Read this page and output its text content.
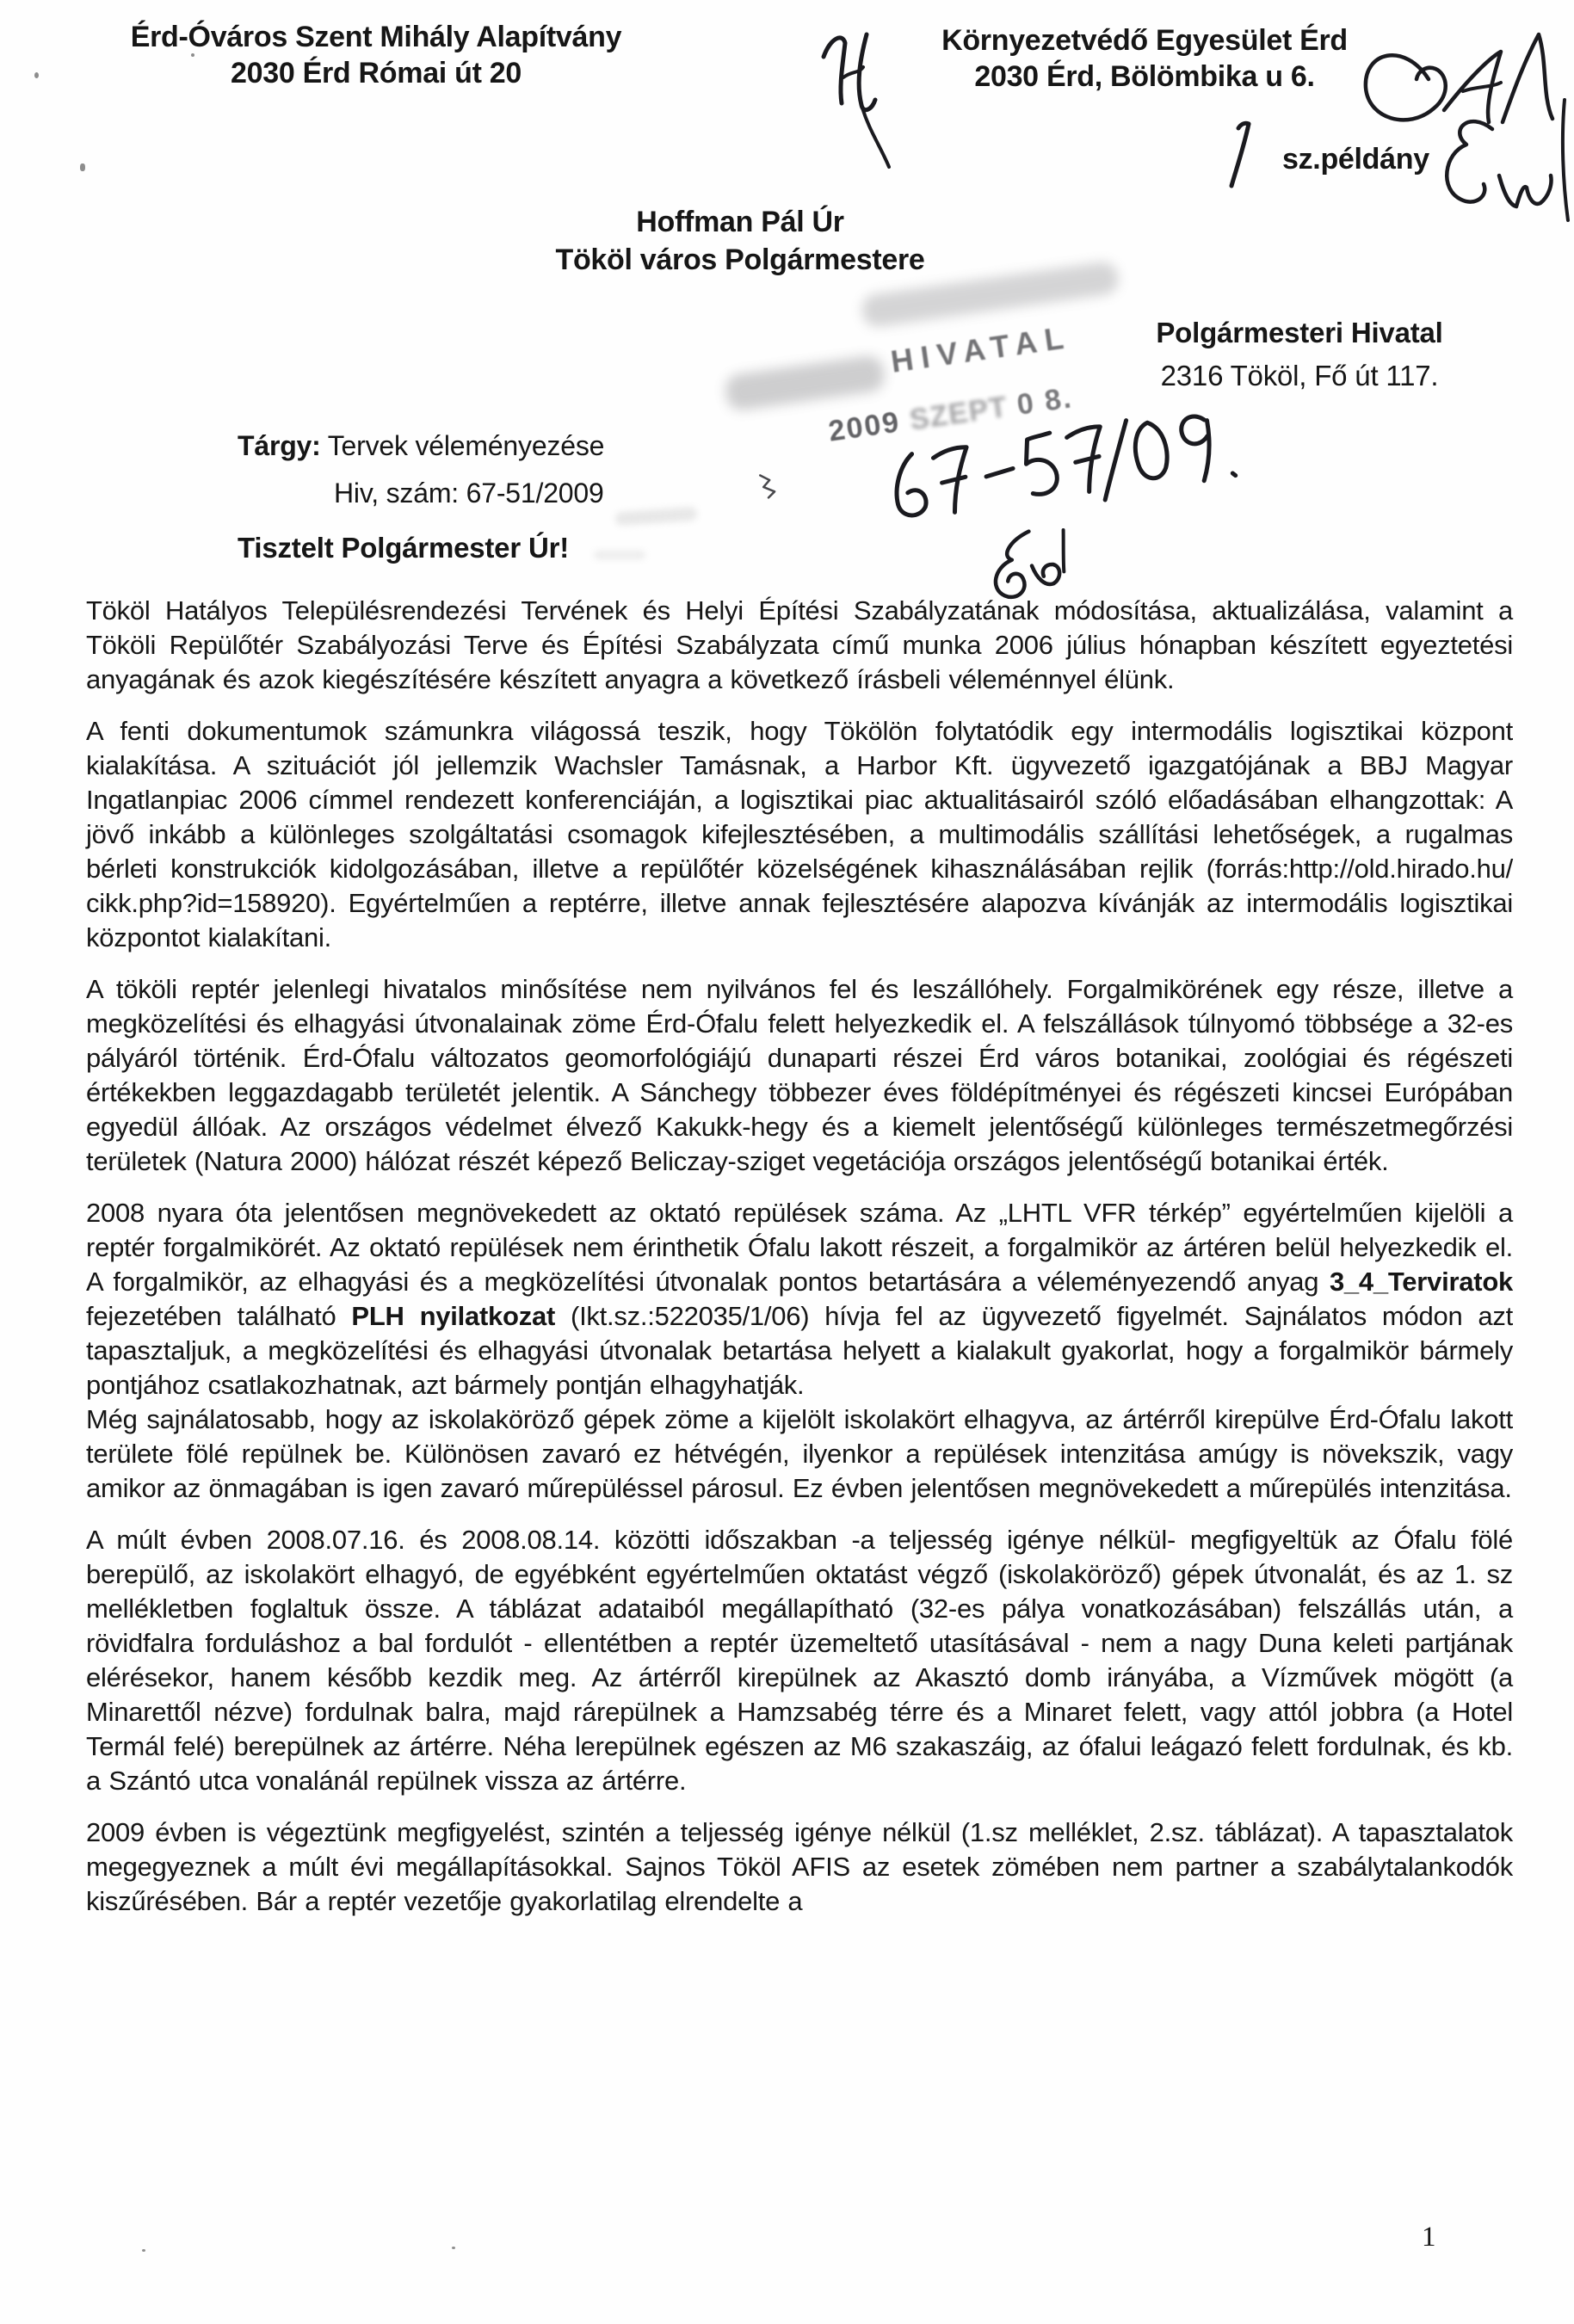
Érd-Óváros Szent Mihály Alapítvány
2030 Érd Római út 20
Környezetvédő Egyesület Érd
2030 Érd, Bölömbika u 6.
sz.példány
Hoffman Pál Úr
Tököl város Polgármestere
Polgármesteri Hivatal
2316 Tököl, Fő út 117.
HIVATAL
2009 SZEPT 0 8.
Tárgy: Tervek véleményezése
Hiv, szám: 67-51/2009
Tisztelt Polgármester Úr!

Tököl Hatályos Településrendezési Tervének és Helyi Építési Szabályzatának módosítása, aktualizálása, valamint a Tököli Repülőtér Szabályozási Terve és Építési Szabályzata című munka 2006 július hónapban készített egyeztetési anyagának és azok kiegészítésére készített anyagra a következő írásbeli véleménnyel élünk.

A fenti dokumentumok számunkra világossá teszik, hogy Tökölön folytatódik egy intermodális logisztikai központ kialakítása. A szituációt jól jellemzik Wachsler Tamásnak, a Harbor Kft. ügyvezető igazgatójának a BBJ Magyar Ingatlanpiac 2006 címmel rendezett konferenciáján, a logisztikai piac aktualitásairól szóló előadásában elhangzottak: A jövő inkább a különleges szolgáltatási csomagok kifejlesztésében, a multimodális szállítási lehetőségek, a rugalmas bérleti konstrukciók kidolgozásában, illetve a repülőtér közelségének kihasználásában rejlik (forrás:http://old.hirado.hu/ cikk.php?id=158920). Egyértelműen a reptérre, illetve annak fejlesztésére alapozva kívánják az intermodális logisztikai központot kialakítani.

A tököli reptér jelenlegi hivatalos minősítése nem nyilvános fel és leszállóhely. Forgalmikörének egy része, illetve a megközelítési és elhagyási útvonalainak zöme Érd-Ófalu felett helyezkedik el. A felszállások túlnyomó többsége a 32-es pályáról történik. Érd-Ófalu változatos geomorfológiájú dunaparti részei Érd város botanikai, zoológiai és régészeti értékekben leggazdagabb területét jelentik. A Sánchegy többezer éves földépítményei és régészeti kincsei Európában egyedül állóak. Az országos védelmet élvező Kakukk-hegy és a kiemelt jelentőségű különleges természetmegőrzési területek (Natura 2000) hálózat részét képező Beliczay-sziget vegetációja országos jelentőségű botanikai érték.

2008 nyara óta jelentősen megnövekedett az oktató repülések száma. Az „LHTL VFR térkép” egyértelműen kijelöli a reptér forgalmikörét. Az oktató repülések nem érinthetik Ófalu lakott részeit, a forgalmikör az ártéren belül helyezkedik el. A forgalmikör, az elhagyási és a megközelítési útvonalak pontos betartására a véleményezendő anyag 3_4_Terviratok fejezetében található PLH nyilatkozat (Ikt.sz.:522035/1/06) hívja fel az ügyvezető figyelmét. Sajnálatos módon azt tapasztaljuk, a megközelítési és elhagyási útvonalak betartása helyett a kialakult gyakorlat, hogy a forgalmikör bármely pontjához csatlakozhatnak, azt bármely pontján elhagyhatják.

Még sajnálatosabb, hogy az iskolaköröző gépek zöme a kijelölt iskolakört elhagyva, az ártérről kirepülve Érd-Ófalu lakott területe fölé repülnek be. Különösen zavaró ez hétvégén, ilyenkor a repülések intenzitása amúgy is növekszik, vagy amikor az önmagában is igen zavaró műrepüléssel párosul. Ez évben jelentősen megnövekedett a műrepülés intenzitása.

A múlt évben 2008.07.16. és 2008.08.14. közötti időszakban -a teljesség igénye nélkül- megfigyeltük az Ófalu fölé berepülő, az iskolakört elhagyó, de egyébként egyértelműen oktatást végző (iskolaköröző) gépek útvonalát, és az 1. sz mellékletben foglaltuk össze. A táblázat adataiból megállapítható (32-es pálya vonatkozásában) felszállás után, a rövidfalra forduláshoz a bal fordulót - ellentétben a reptér üzemeltető utasításával - nem a nagy Duna keleti partjának elérésekor, hanem később kezdik meg. Az ártérről kirepülnek az Akasztó domb irányába, a Vízművek mögött (a Minarettől nézve) fordulnak balra, majd rárepülnek a Hamzsabég térre és a Minaret felett, vagy attól jobbra (a Hotel Termál felé) berepülnek az ártérre. Néha lerepülnek egészen az M6 szakaszáig, az ófalui leágazó felett fordulnak, és kb. a Szántó utca vonalánál repülnek vissza az ártérre.

2009 évben is végeztünk megfigyelést, szintén a teljesség igénye nélkül (1.sz melléklet, 2.sz. táblázat). A tapasztalatok megegyeznek a múlt évi megállapításokkal. Sajnos Tököl AFIS az esetek zömében nem partner a szabálytalankodók kiszűrésében. Bár a reptér vezetője gyakorlatilag elrendelte a

1
